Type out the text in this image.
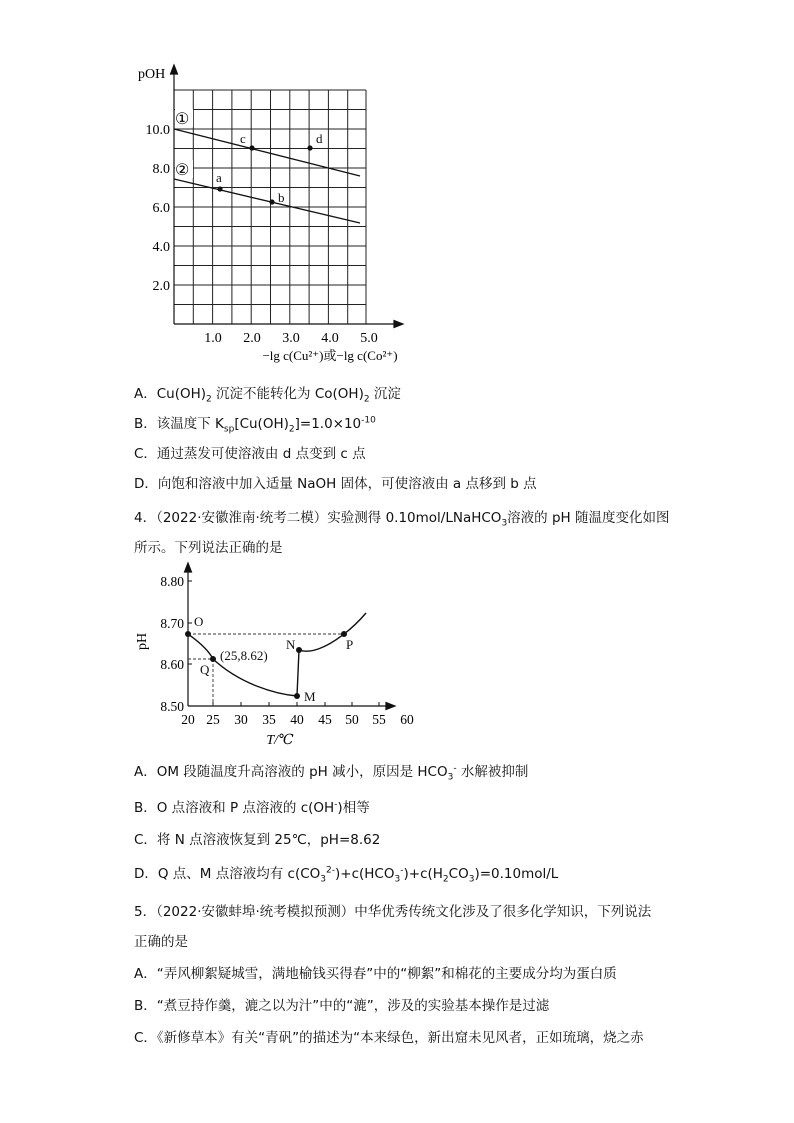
pOH
10.0
8.0
6.0
4.0
2.0
1.0 2.0 3.0 4.0 5.0
−lg c(Cu²⁺)或−lg c(Co²⁺)
①
②
c	d
a
b
A．$Cu(OH)_2$ 沉淀不能转化为 $Co(OH)_2$ 沉淀
B．该温度下 $K_{sp}[Cu(OH)_2]=1.0\times 10^{-10}$
C．通过蒸发可使溶液由 d 点变到 c 点
D．向饱和溶液中加入适量 NaOH 固体，可使溶液由 a 点移到 b 点
4．（2022·安徽淮南·统考二模）实验测得 0.10mol/LNaHCO$_3$溶液的 pH 随温度变化如图
所示。下列说法正确的是
pH
8.80
8.70
8.60
8.50
20 25 30 35 40 45 50 55 60
T/℃
O
Q
(25,8.62)
M
N	P
A．OM 段随温度升高溶液的 pH 减小，原因是 $HCO_3^-$ 水解被抑制
B．O 点溶液和 P 点溶液的 c(OH-)相等
C．将 N 点溶液恢复到 25℃，pH=8.62
D．Q 点、M 点溶液均有 $c(CO_3^{2-})+c(HCO_3^-)+c(H_2CO_3)=0.10mol/L$
5．（2022·安徽蚌埠·统考模拟预测）中华优秀传统文化涉及了很多化学知识，下列说法
正确的是
A．“弄风柳絮疑城雪，满地榆钱买得春”中的“柳絮”和棉花的主要成分均为蛋白质
B．“煮豆持作羹，漉之以为汁”中的“漉”，涉及的实验基本操作是过滤
C．《新修草本》有关“青矾”的描述为“本来绿色，新出窟未见风者，正如琉璃，烧之赤
